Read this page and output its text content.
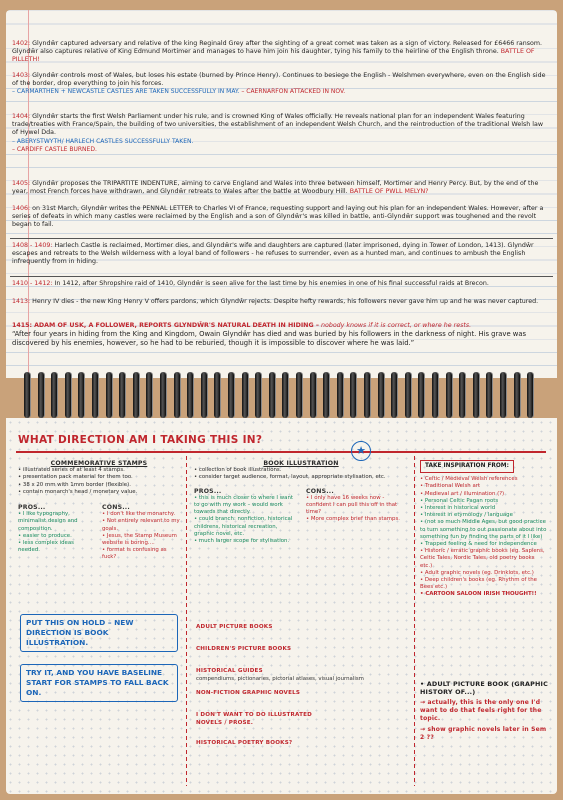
1402: Glyndŵr captured adversary and relative of the king Reginald Grey after the sighting of a great comet was taken as a sign of victory. Released for £6466 ransom. Glyndŵr also captures relative of King Edmund Mortimer and manages to have him join his daughter, tying his family to the heirline of the English throne. BATTLE OF PILLETH!
1403: Glyndŵr controls most of Wales, but loses his estate (burned by Prince Henry). Continues to besiege the English - Welshmen everywhere, even on the English side of the border, drop everything to join his forces.
– CARMARTHEN + NEWCASTLE CASTLES ARE TAKEN SUCCESSFULLY IN MAY. – CAERNARFON ATTACKED IN NOV.
1404: Glyndŵr starts the first Welsh Parliament under his rule, and is crowned King of Wales officially. He reveals national plan for an independent Wales featuring trade/treaties with France/Spain, the building of two universities, the establishment of an independent Welsh Church, and the reintroduction of the traditional Welsh law of Hywel Dda.
– ABERYSTWYTH/ HARLECH CASTLES SUCCESSFULLY TAKEN.
– CARDIFF CASTLE BURNED.
1405: Glyndŵr proposes the TRIPARTITE INDENTURE, aiming to carve England and Wales into three between himself, Mortimer and Henry Percy. But, by the end of the year, most French forces have withdrawn, and Glyndŵr retreats to Wales after the battle at Woodbury Hill. BATTLE OF PWLL MELYN?
1406: on 31st March, Glyndŵr writes the PENNAL LETTER to Charles VI of France, requesting support and laying out his plan for an independent Wales. However, after a series of defeats in which many castles were reclaimed by the English and a son of Glyndŵr's was killed in battle, anti-Glyndŵr support was toughened and the revolt began to fail.
1408 - 1409: Harlech Castle is reclaimed, Mortimer dies, and Glyndŵr's wife and daughters are captured (later imprisoned, dying in Tower of London, 1413). Glyndŵr escapes and retreats to the Welsh wilderness with a loyal band of followers - he refuses to surrender, even as a hunted man, and continues to ambush the English infrequently from in hiding.
1410 - 1412: In 1412, after Shropshire raid of 1410, Glyndŵr is seen alive for the last time by his enemies in one of his final successful raids at Brecon.
1413: Henry IV dies - the new King Henry V offers pardons, which Glyndŵr rejects. Despite hefty rewards, his followers never gave him up and he was never captured.
1415: ADAM OF USK, A FOLLOWER, REPORTS GLYNDŴR'S NATURAL DEATH IN HIDING – nobody knows if it is correct, or where he rests.
“After four years in hiding from the King and Kingdom, Owain Glyndŵr has died and was buried by his followers in the darkness of night. His grave was discovered by his enemies, however, so he had to be reburied, though it is impossible to discover where he was laid.”
WHAT DIRECTION AM I TAKING THIS IN?
★
COMMEMORATIVE STAMPS
• illustrated series of at least 4 stamps.
• presentation pack material for them too.
• 38 x 20 mm with 1mm border (flexible).
• contain monarch's head / monetary value.
PROS...
• I like typography, minimalist design and composition.
• easier to produce.
• less complex ideas needed.
CONS...
• I don't like the monarchy.
• Not entirely relevant to my goals.
• Jesus, the Stamp Museum website is boring....
• format is confusing as fuck?
PUT THIS ON HOLD – NEW DIRECTION IS BOOK ILLUSTRATION.
TRY IT, AND YOU HAVE BASELINE START FOR STAMPS TO FALL BACK ON.
BOOK ILLUSTRATION
• collection of book illustrations.
• consider target audience, format, layout, appropriate stylisation, etc.
PROS...
• this is much closer to where I want to go with my work – would work towards that directly.
• could branch: nonfiction, historical childrens, historical recreation, graphic novel, etc.
• much larger scope for stylisation.
CONS...
• I only have 16 weeks now - confident I can pull this off in that time?
• More complex brief than stamps.
ADULT PICTURE BOOKS
CHILDREN'S PICTURE BOOKS
HISTORICAL GUIDES
compendiums, pictionaries, pictorial atlases, visual journalism
NON-FICTION GRAPHIC NOVELS
I DON'T WANT TO DO ILLUSTRATED NOVELS / PROSE.
HISTORICAL POETRY BOOKS?
TAKE INSPIRATION FROM:
• Celtic / Medieval Welsh references
• Traditional Welsh art
• Medieval art / illumination (?)
• Personal Celtic Pagan roots
• Interest in historical world
• Interest in etymology / language
• (not so much Middle Ages, but good practice to turn something to out passionate about into something fun by finding the parts of it I like)
• Trapped feeling & need for independence
• Historic / erratic graphic books (eg. Sapiens, Celtic Tales, Nordic Tales, old poetry books etc.)
• Adult graphic novels (eg. Drinklots, etc.)
• Deep children's books (eg. Rhythm of the Bees etc.)
• CARTOON SALOON IRISH THOUGHT!!
• ADULT PICTURE BOOK (GRAPHIC HISTORY OF...)
→ actually, this is the only one I'd want to do that feels right for the topic.
→ show graphic novels later in Sem 2 ??
